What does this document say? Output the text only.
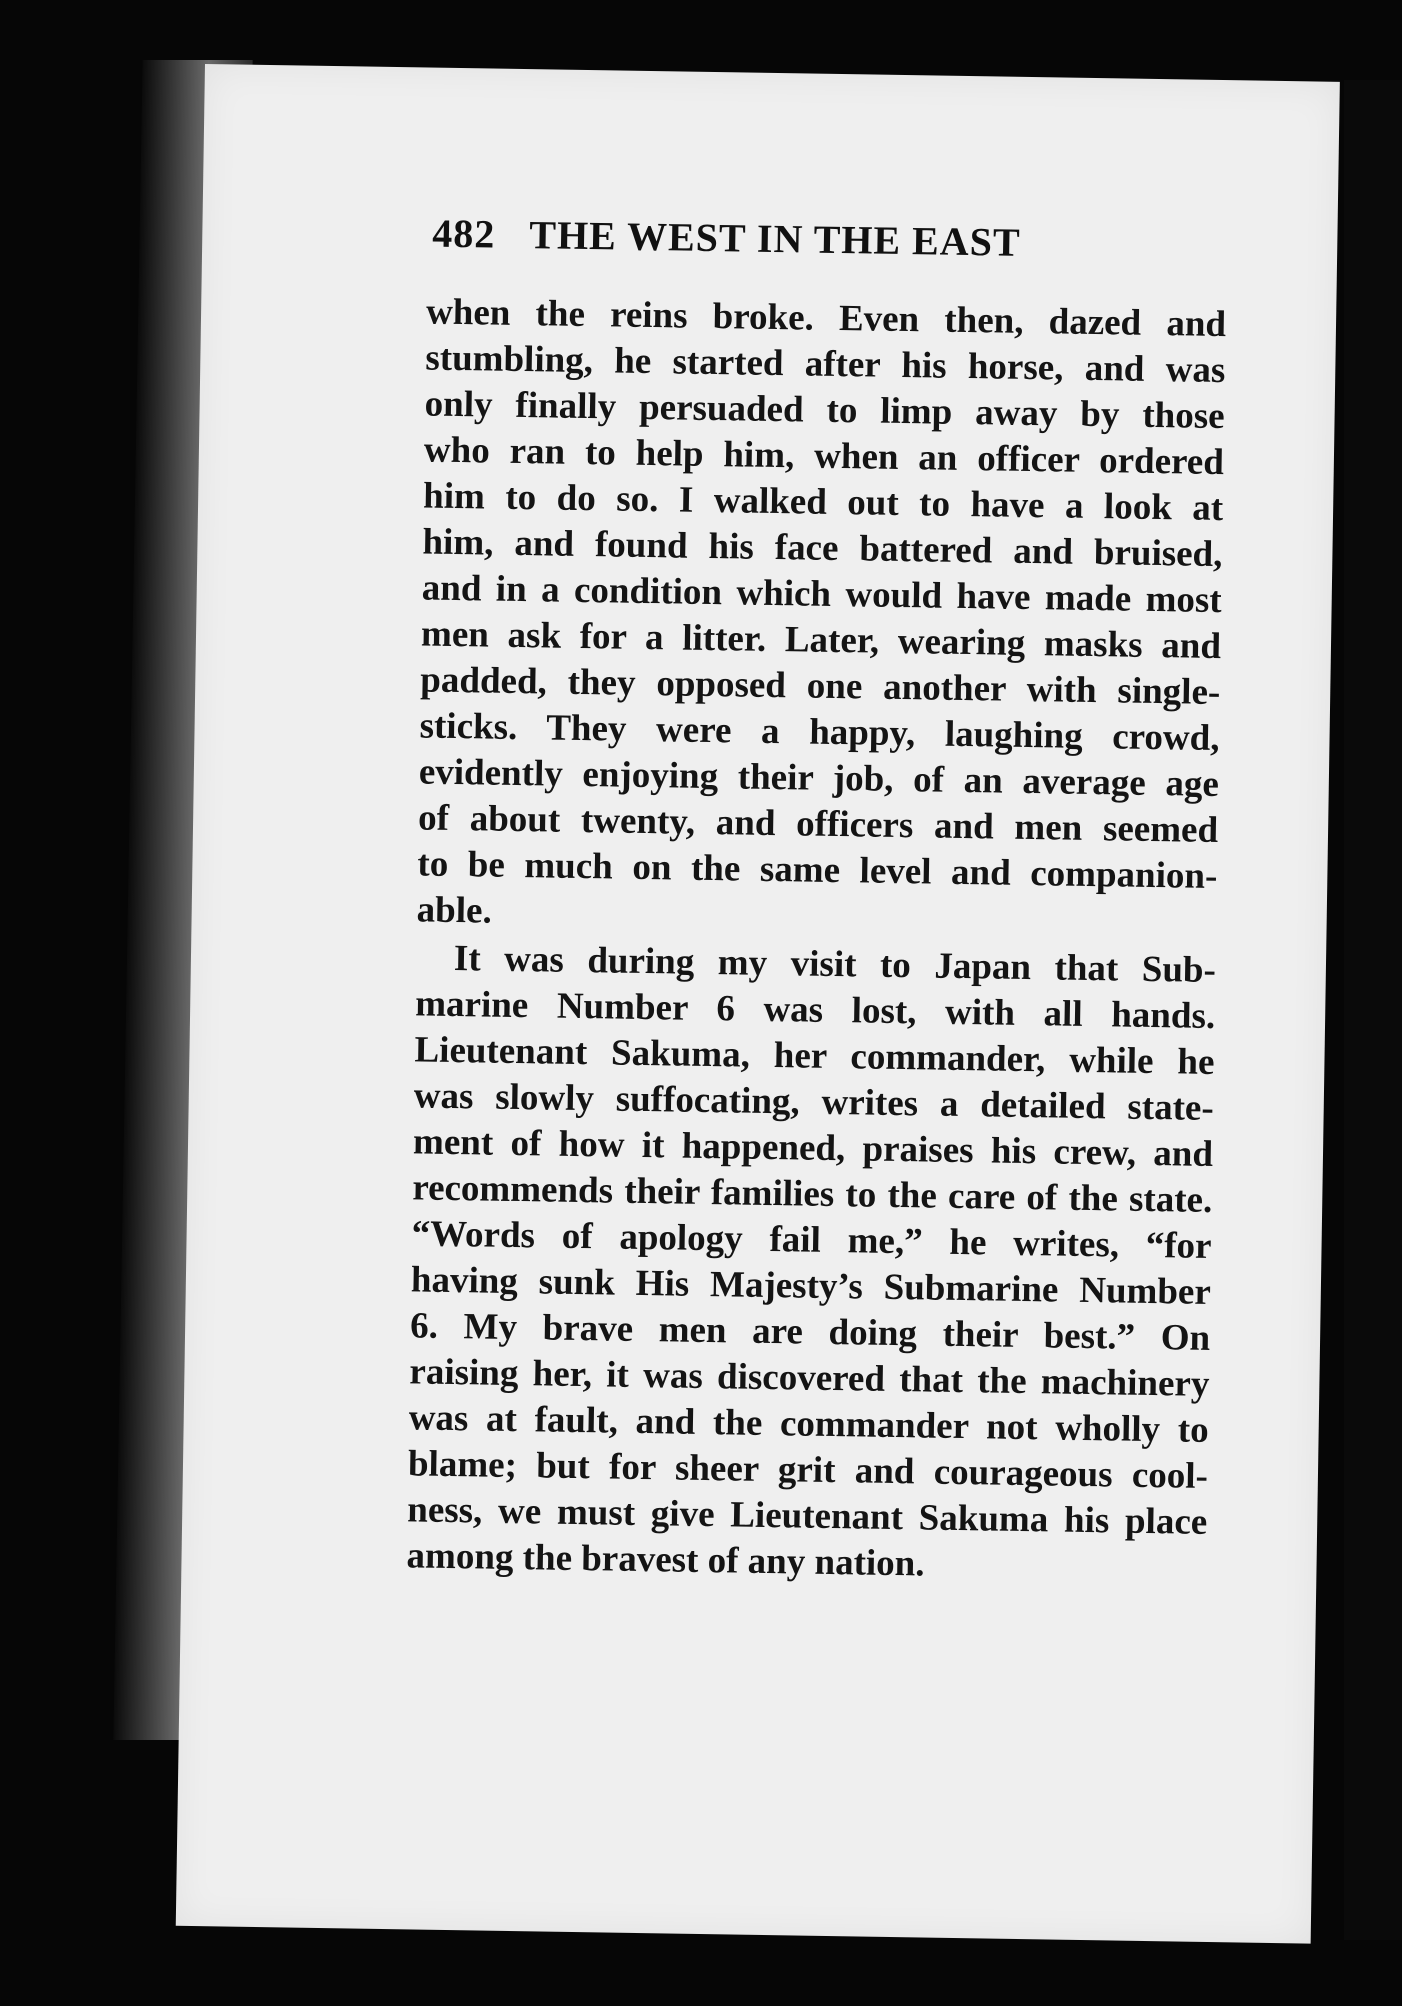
482 THE WEST IN THE EAST
when the reins broke. Even then, dazed and
stumbling, he started after his horse, and was
only finally persuaded to limp away by those
who ran to help him, when an officer ordered
him to do so. I walked out to have a look at
him, and found his face battered and bruised,
and in a condition which would have made most
men ask for a litter. Later, wearing masks and
padded, they opposed one another with single-
sticks. They were a happy, laughing crowd,
evidently enjoying their job, of an average age
of about twenty, and officers and men seemed
to be much on the same level and companion-
able.
It was during my visit to Japan that Sub-
marine Number 6 was lost, with all hands.
Lieutenant Sakuma, her commander, while he
was slowly suffocating, writes a detailed state-
ment of how it happened, praises his crew, and
recommends their families to the care of the state.
“Words of apology fail me,” he writes, “for
having sunk His Majesty’s Submarine Number
6. My brave men are doing their best.” On
raising her, it was discovered that the machinery
was at fault, and the commander not wholly to
blame; but for sheer grit and courageous cool-
ness, we must give Lieutenant Sakuma his place
among the bravest of any nation.
